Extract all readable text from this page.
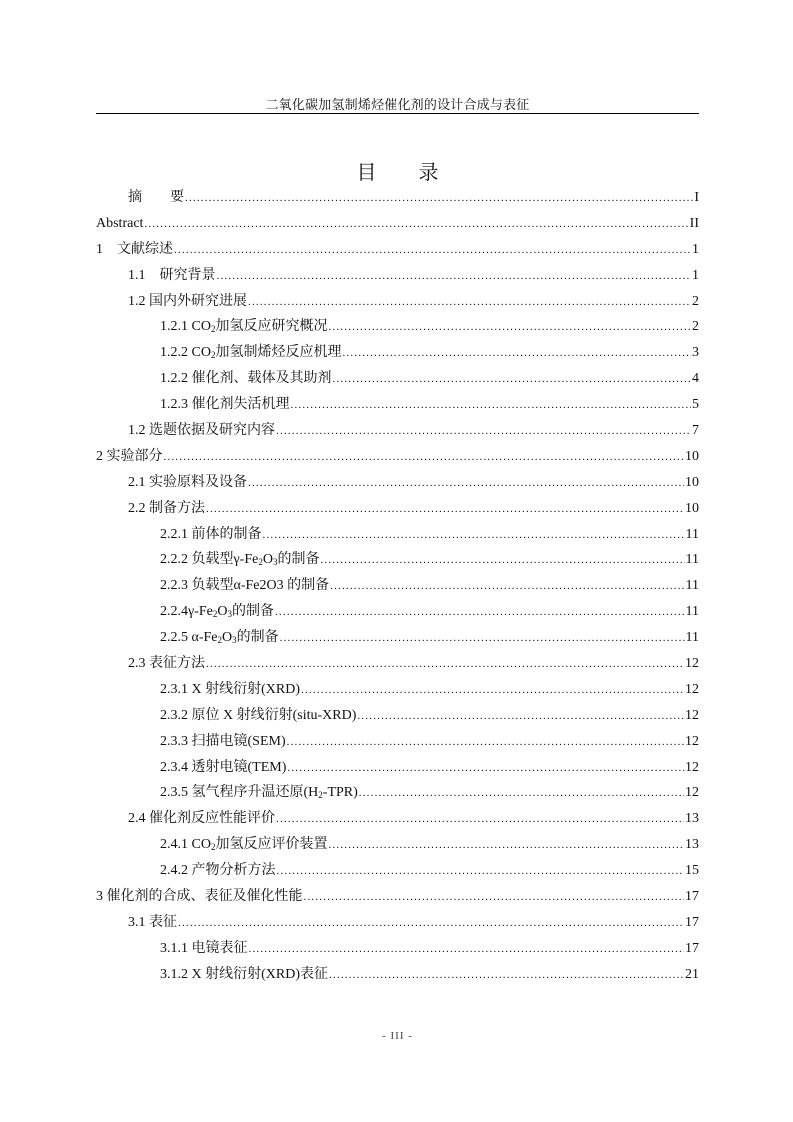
二氧化碳加氢制烯烃催化剂的设计合成与表征
目 录
摘　　要 .....	I
Abstract .....	II
1　文献综述 .....	1
1.1　研究背景 .....	1
1.2 国内外研究进展 .....	2
1.2.1 $CO_2$加氢反应研究概况 .....	2
1.2.2 $CO_2$加氢制烯烃反应机理 .....	3
1.2.2 催化剂、载体及其助剂 .....	4
1.2.3 催化剂失活机理 .....	5
1.2 选题依据及研究内容 .....	7
2 实验部分 .....	10
2.1 实验原料及设备 .....	10
2.2 制备方法 .....	10
2.2.1 前体的制备 .....	11
2.2.2 负载型$\gamma-Fe_2O_3$的制备 .....	11
2.2.3 负载型α-Fe2O3 的制备 .....	11
$2.2.4\gamma-Fe_2O_3$的制备 .....	11
2.2.5 $\alpha-Fe_2O_3$的制备 .....	11
2.3 表征方法 .....	12
2.3.1 X 射线衍射(XRD) .....	12
2.3.2 原位 X 射线衍射(situ-XRD) .....	12
2.3.3 扫描电镜(SEM) .....	12
2.3.4 透射电镜(TEM) .....	12
2.3.5 氢气程序升温还原$(H_2-TPR)$ .....	12
2.4 催化剂反应性能评价 .....	13
2.4.1 $CO_2$加氢反应评价装置 .....	13
2.4.2 产物分析方法 .....	15
3 催化剂的合成、表征及催化性能 .....	17
3.1 表征 .....	17
3.1.1 电镜表征 .....	17
3.1.2 X 射线衍射(XRD)表征 .....	21
- III -
